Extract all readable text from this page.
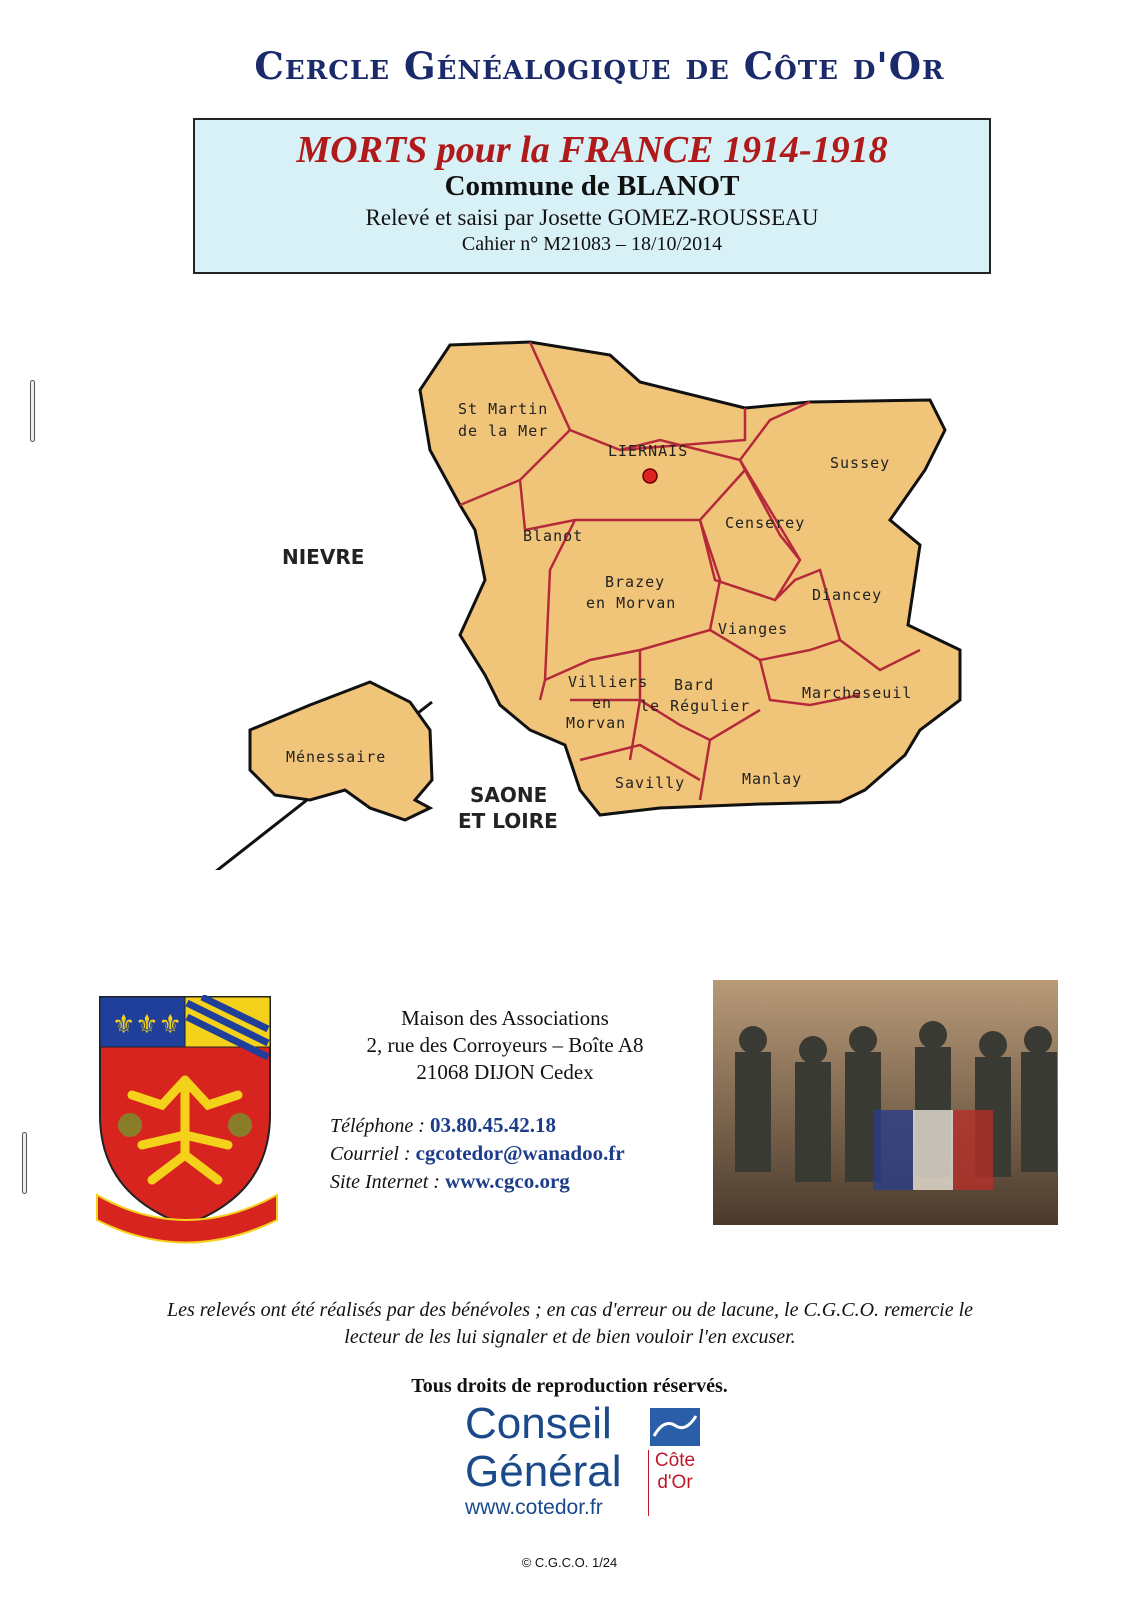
Cercle Généalogique de Côte d'Or
MORTS pour la FRANCE 1914-1918
Commune de BLANOT
Relevé et saisi par Josette GOMEZ-ROUSSEAU
Cahier n° M21083 – 18/10/2014
St Martin
de la Mer
LIERNAIS
Sussey
Blanot
Censerey
Brazey
en Morvan	Diancey
Vianges
Villiers
en
Morvan
Bard
le Régulier
Marcheseuil
Ménessaire
Savilly	Manlay
NIEVRE
SAONE
ET LOIRE
⚜⚜⚜	Maison des Associations
2, rue des Corroyeurs – Boîte A8
21068 DIJON Cedex
Téléphone : 03.80.45.42.18
Courriel : cgcotedor@wanadoo.fr
Site Internet : www.cgco.org
Les relevés ont été réalisés par des bénévoles ; en cas d'erreur ou de lacune, le C.G.C.O. remercie le
lecteur de les lui signaler et de bien vouloir l'en excuser.
Tous droits de reproduction réservés.
Conseil
Général
www.cotedor.fr
Côte
d'Or
© C.G.C.O. 1/24
